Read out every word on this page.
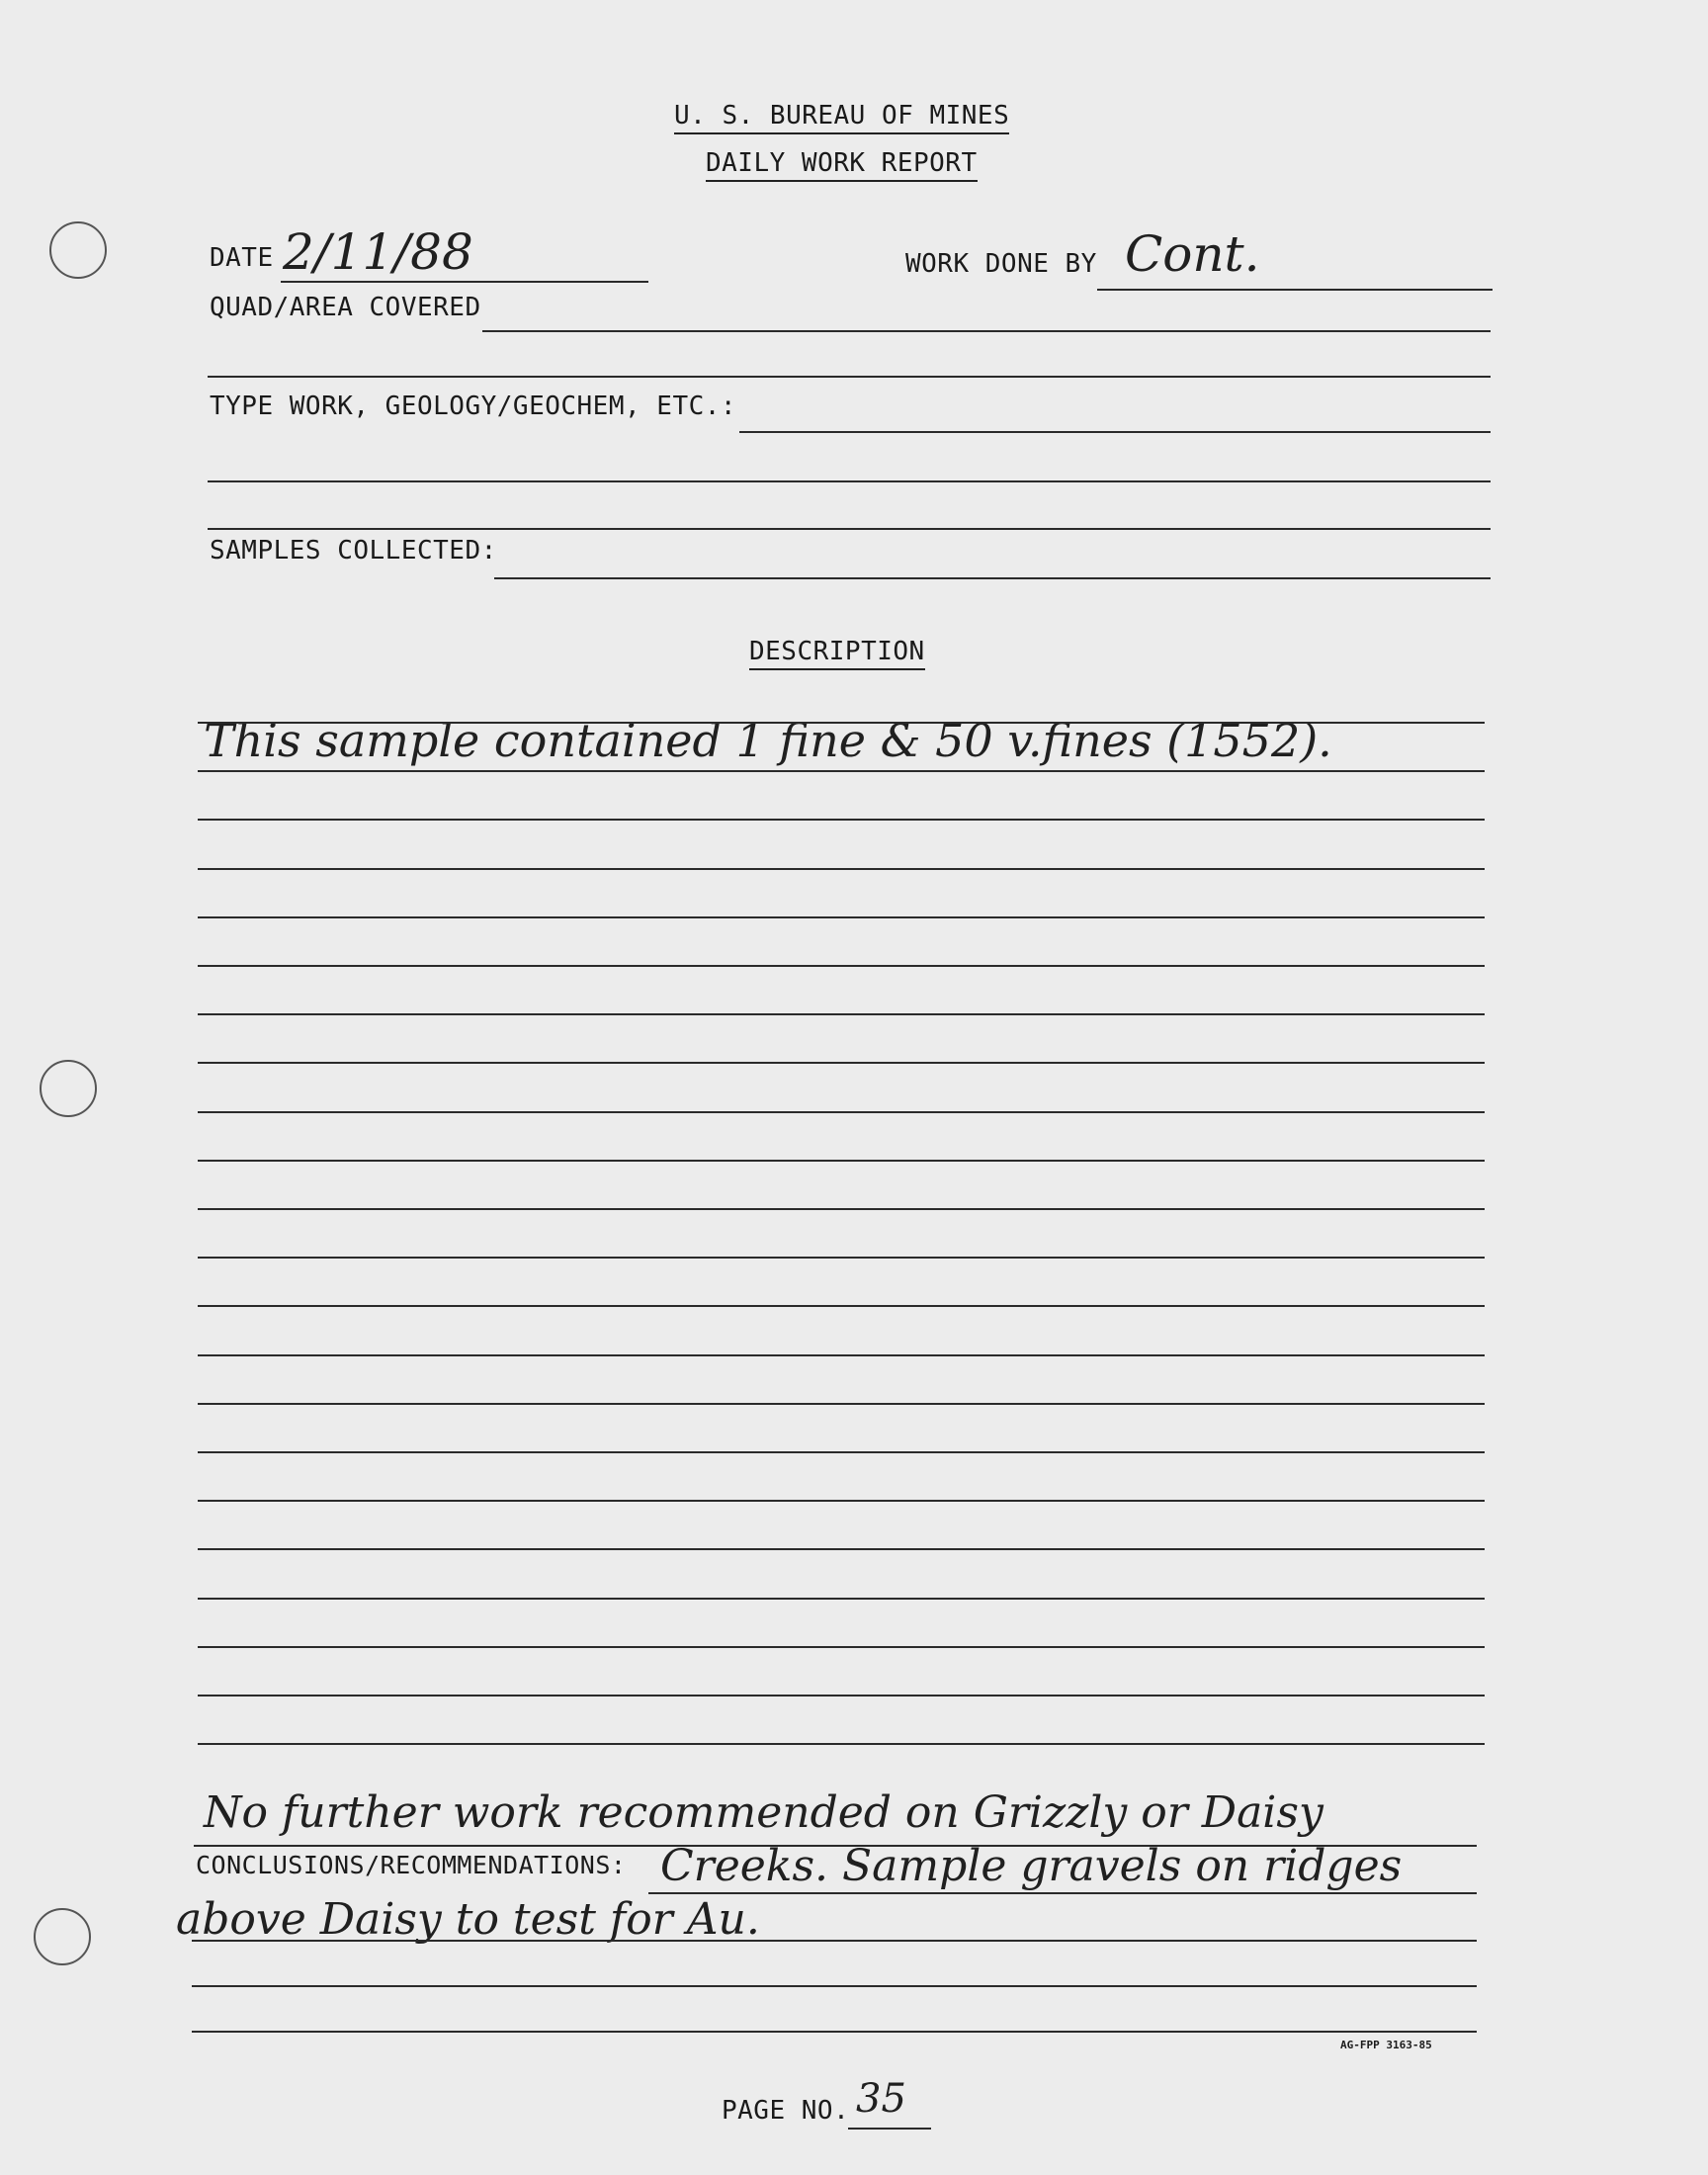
U. S. BUREAU OF MINES
DAILY WORK REPORT
DATE 2/11/88	WORK DONE BY Cont.
QUAD/AREA COVERED
TYPE WORK, GEOLOGY/GEOCHEM, ETC.:
SAMPLES COLLECTED:
DESCRIPTION
This sample contained 1 fine & 50 v.fines (1552).
No further work recommended on Grizzly or Daisy
CONCLUSIONS/RECOMMENDATIONS: Creeks. Sample gravels on ridges
above Daisy to test for Au.
AG-FPP 3163-85
PAGE NO. 35
